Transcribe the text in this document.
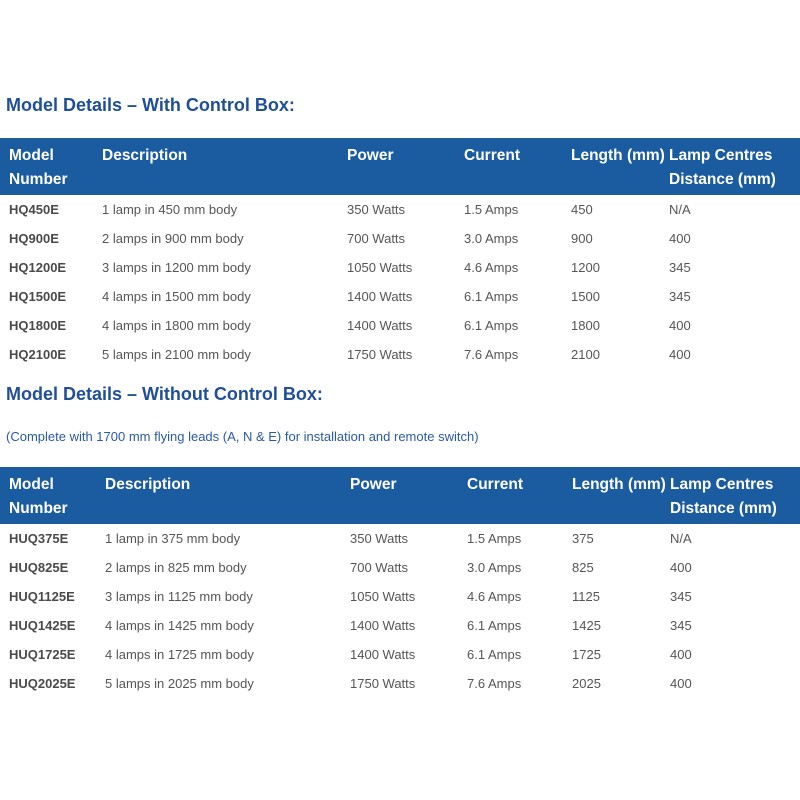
Model Details – With Control Box:
Model Number	Description	Power	Current	Length (mm)	Lamp Centres Distance (mm)
HQ450E	1 lamp in 450 mm body	350 Watts	1.5 Amps	450	N/A
HQ900E	2 lamps in 900 mm body	700 Watts	3.0 Amps	900	400
HQ1200E	3 lamps in 1200 mm body	1050 Watts	4.6 Amps	1200	345
HQ1500E	4 lamps in 1500 mm body	1400 Watts	6.1 Amps	1500	345
HQ1800E	4 lamps in 1800 mm body	1400 Watts	6.1 Amps	1800	400
HQ2100E	5 lamps in 2100 mm body	1750 Watts	7.6 Amps	2100	400
Model Details – Without Control Box:
(Complete with 1700 mm flying leads (A, N & E) for installation and remote switch)
Model Number	Description	Power	Current	Length (mm)	Lamp Centres Distance (mm)
HUQ375E	1 lamp in 375 mm body	350 Watts	1.5 Amps	375	N/A
HUQ825E	2 lamps in 825 mm body	700 Watts	3.0 Amps	825	400
HUQ1125E	3 lamps in 1125 mm body	1050 Watts	4.6 Amps	1125	345
HUQ1425E	4 lamps in 1425 mm body	1400 Watts	6.1 Amps	1425	345
HUQ1725E	4 lamps in 1725 mm body	1400 Watts	6.1 Amps	1725	400
HUQ2025E	5 lamps in 2025 mm body	1750 Watts	7.6 Amps	2025	400
